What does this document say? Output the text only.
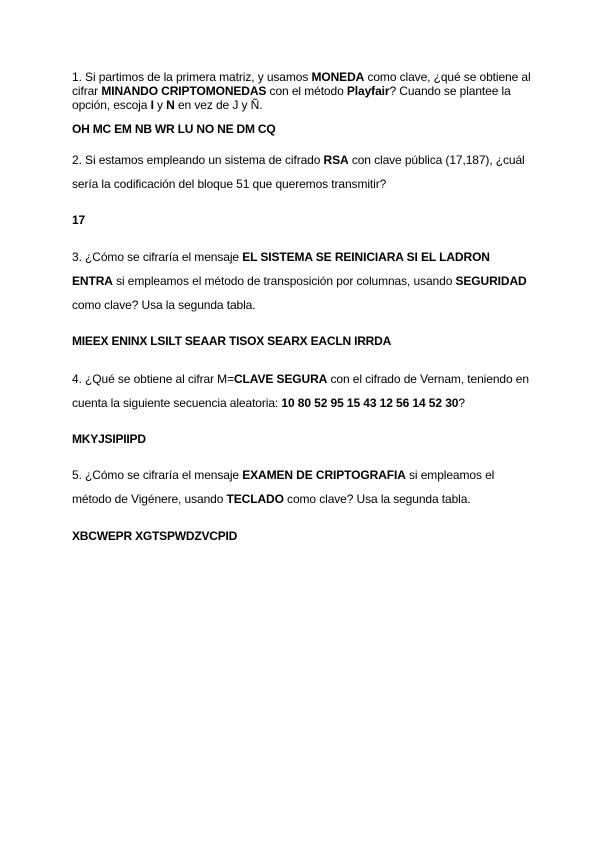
1. Si partimos de la primera matriz, y usamos MONEDA como clave, ¿qué se obtiene al cifrar MINANDO CRIPTOMONEDAS con el método Playfair? Cuando se plantee la opción, escoja I y N en vez de J y Ñ.
OH MC EM NB WR LU NO NE DM CQ
2. Si estamos empleando un sistema de cifrado RSA con clave pública (17,187), ¿cuál sería la codificación del bloque 51 que queremos transmitir?
17
3. ¿Cómo se cifraría el mensaje EL SISTEMA SE REINICIARA SI EL LADRON ENTRA si empleamos el método de transposición por columnas, usando SEGURIDAD como clave? Usa la segunda tabla.
MIEEX ENINX LSILT SEAAR TISOX SEARX EACLN IRRDA
4. ¿Qué se obtiene al cifrar M=CLAVE SEGURA con el cifrado de Vernam, teniendo en cuenta la siguiente secuencia aleatoria: 10 80 52 95 15 43 12 56 14 52 30?
MKYJSIPIIPD
5. ¿Cómo se cifraría el mensaje EXAMEN DE CRIPTOGRAFIA si empleamos el método de Vigénere, usando TECLADO como clave? Usa la segunda tabla.
XBCWEPR XGTSPWDZVCPID
